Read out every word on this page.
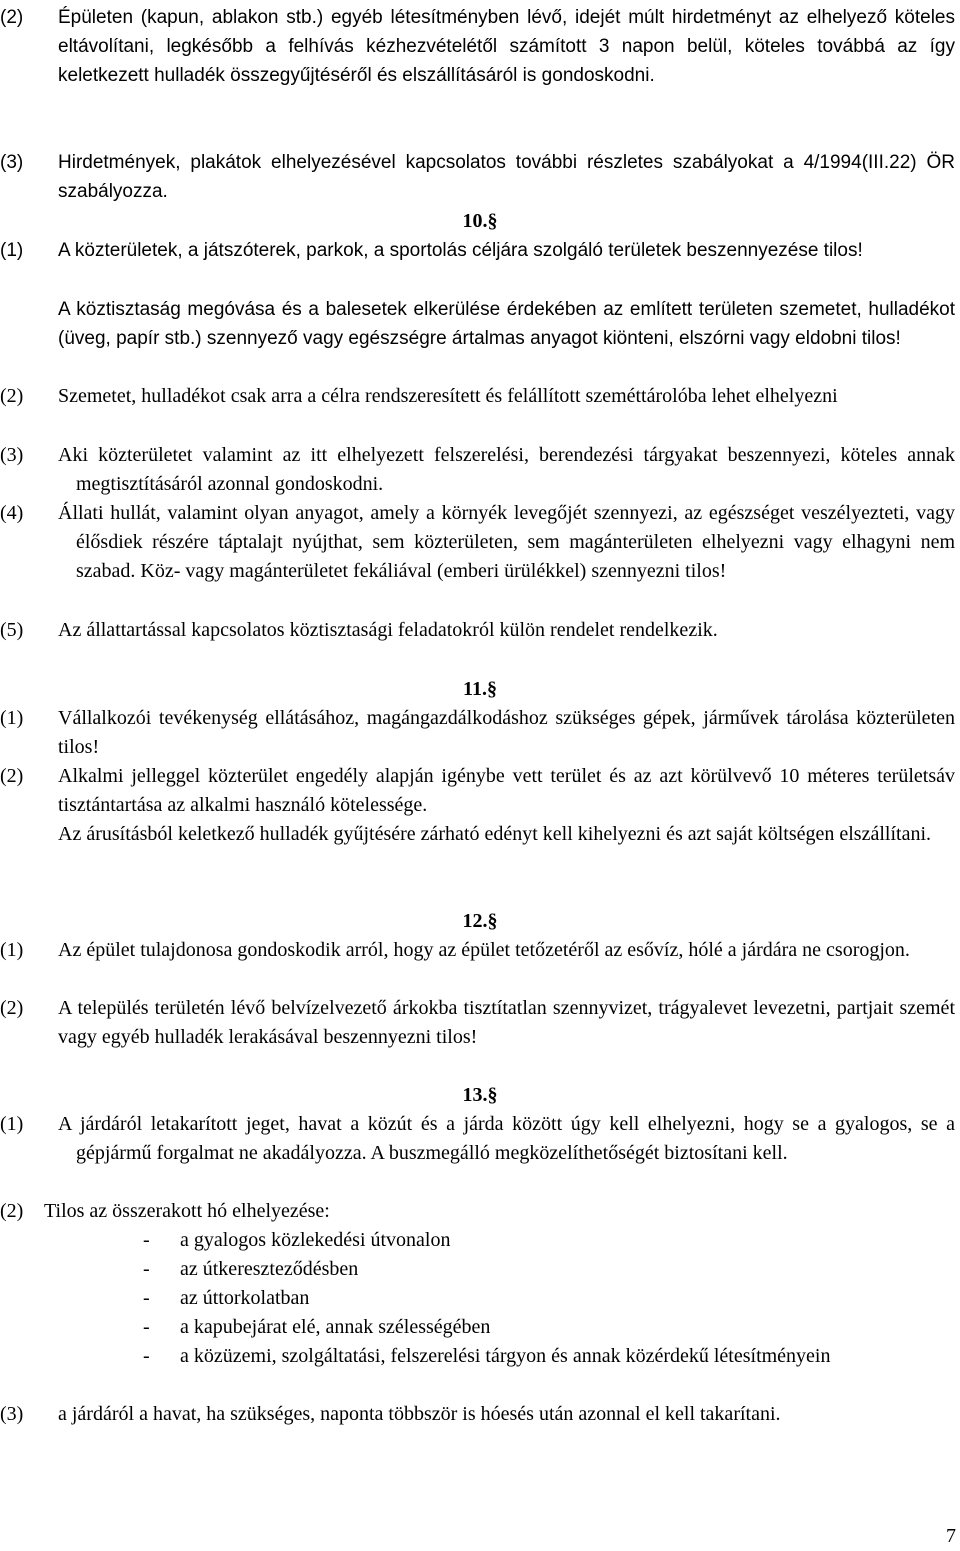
(2) Épületen (kapun, ablakon stb.) egyéb létesítményben lévő, idejét múlt hirdetményt az elhelyező köteles eltávolítani, legkésőbb a felhívás kézhezvételétől számított 3 napon belül, köteles továbbá az így keletkezett hulladék összegyűjtéséről és elszállításáról is gondoskodni.
(3) Hirdetmények, plakátok elhelyezésével kapcsolatos további részletes szabályokat a 4/1994(III.22) ÖR szabályozza.
10.§
(1) A közterületek, a játszóterek, parkok, a sportolás céljára szolgáló területek beszennyezése tilos!
A köztisztaság megóvása és a balesetek elkerülése érdekében az említett területen szemetet, hulladékot (üveg, papír stb.) szennyező vagy egészségre ártalmas anyagot kiönteni, elszórni vagy eldobni tilos!
(2) Szemetet, hulladékot csak arra a célra rendszeresített és felállított szeméttárolóba lehet elhelyezni
(3) Aki közterületet valamint az itt elhelyezett felszerelési, berendezési tárgyakat beszennyezi, köteles annak megtisztításáról azonnal gondoskodni.
(4) Állati hullát, valamint olyan anyagot, amely a környék levegőjét szennyezi, az egészséget veszélyezteti, vagy élősdiek részére táptalajt nyújthat, sem közterületen, sem magánterületen elhelyezni vagy elhagyni nem szabad. Köz- vagy magánterületet fekáliával (emberi ürülékkel) szennyezni tilos!
(5) Az állattartással kapcsolatos köztisztasági feladatokról külön rendelet rendelkezik.
11.§
(1) Vállalkozói tevékenység ellátásához, magángazdálkodáshoz szükséges gépek, járművek tárolása közterületen tilos!
(2) Alkalmi jelleggel közterület engedély alapján igénybe vett terület és az azt körülvevő 10 méteres területsáv tisztántartása az alkalmi használó kötelessége.
Az árusításból keletkező hulladék gyűjtésére zárható edényt kell kihelyezni és azt saját költségen elszállítani.
12.§
(1) Az épület tulajdonosa gondoskodik arról, hogy az épület tetőzetéről az esővíz, hólé a járdára ne csorogjon.
(2) A település területén lévő belvízelvezető árkokba tisztítatlan szennyvizet, trágyalevet levezetni, partjait szemét vagy egyéb hulladék lerakásával beszennyezni tilos!
13.§
(1) A járdáról letakarított jeget, havat a közút és a járda között úgy kell elhelyezni, hogy se a gyalogos, se a gépjármű forgalmat ne akadályozza. A buszmegálló megközelíthetőségét biztosítani kell.
(2) Tilos az összerakott hó elhelyezése:
- a gyalogos közlekedési útvonalon
- az útkereszteződésben
- az úttorkolatban
- a kapubejárat elé, annak szélességében
- a közüzemi, szolgáltatási, felszerelési tárgyon és annak közérdekű létesítményein
(3) a járdáról a havat, ha szükséges, naponta többször is hóesés után azonnal el kell takarítani.
7
